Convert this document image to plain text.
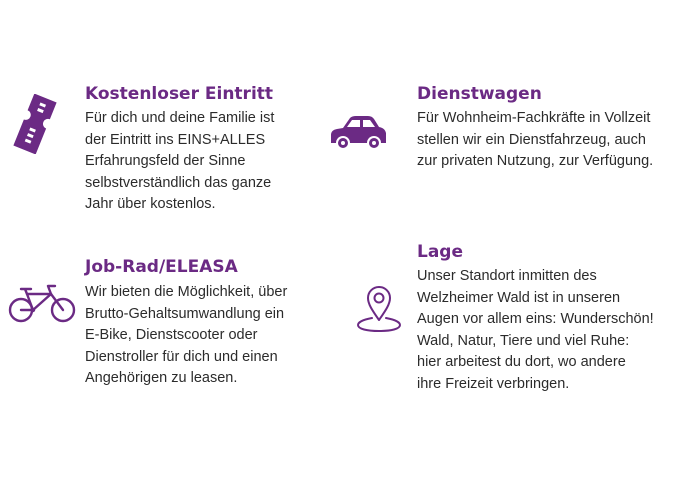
Kostenloser Eintritt

Für dich und deine Familie ist
der Eintritt ins EINS+ALLES
Erfahrungsfeld der Sinne
selbstverständlich das ganze
Jahr über kostenlos.

Dienstwagen

Für Wohnheim-Fachkräfte in Vollzeit
stellen wir ein Dienstfahrzeug, auch
zur privaten Nutzung, zur Verfügung.

Job-Rad/ELEASA

Wir bieten die Möglichkeit, über
Brutto-Gehaltsumwandlung ein
E-Bike, Dienstscooter oder
Dienstroller für dich und einen
Angehörigen zu leasen.

Lage

Unser Standort inmitten des
Welzheimer Wald ist in unseren
Augen vor allem eins: Wunderschön!
Wald, Natur, Tiere und viel Ruhe:
hier arbeitest du dort, wo andere
ihre Freizeit verbringen.
